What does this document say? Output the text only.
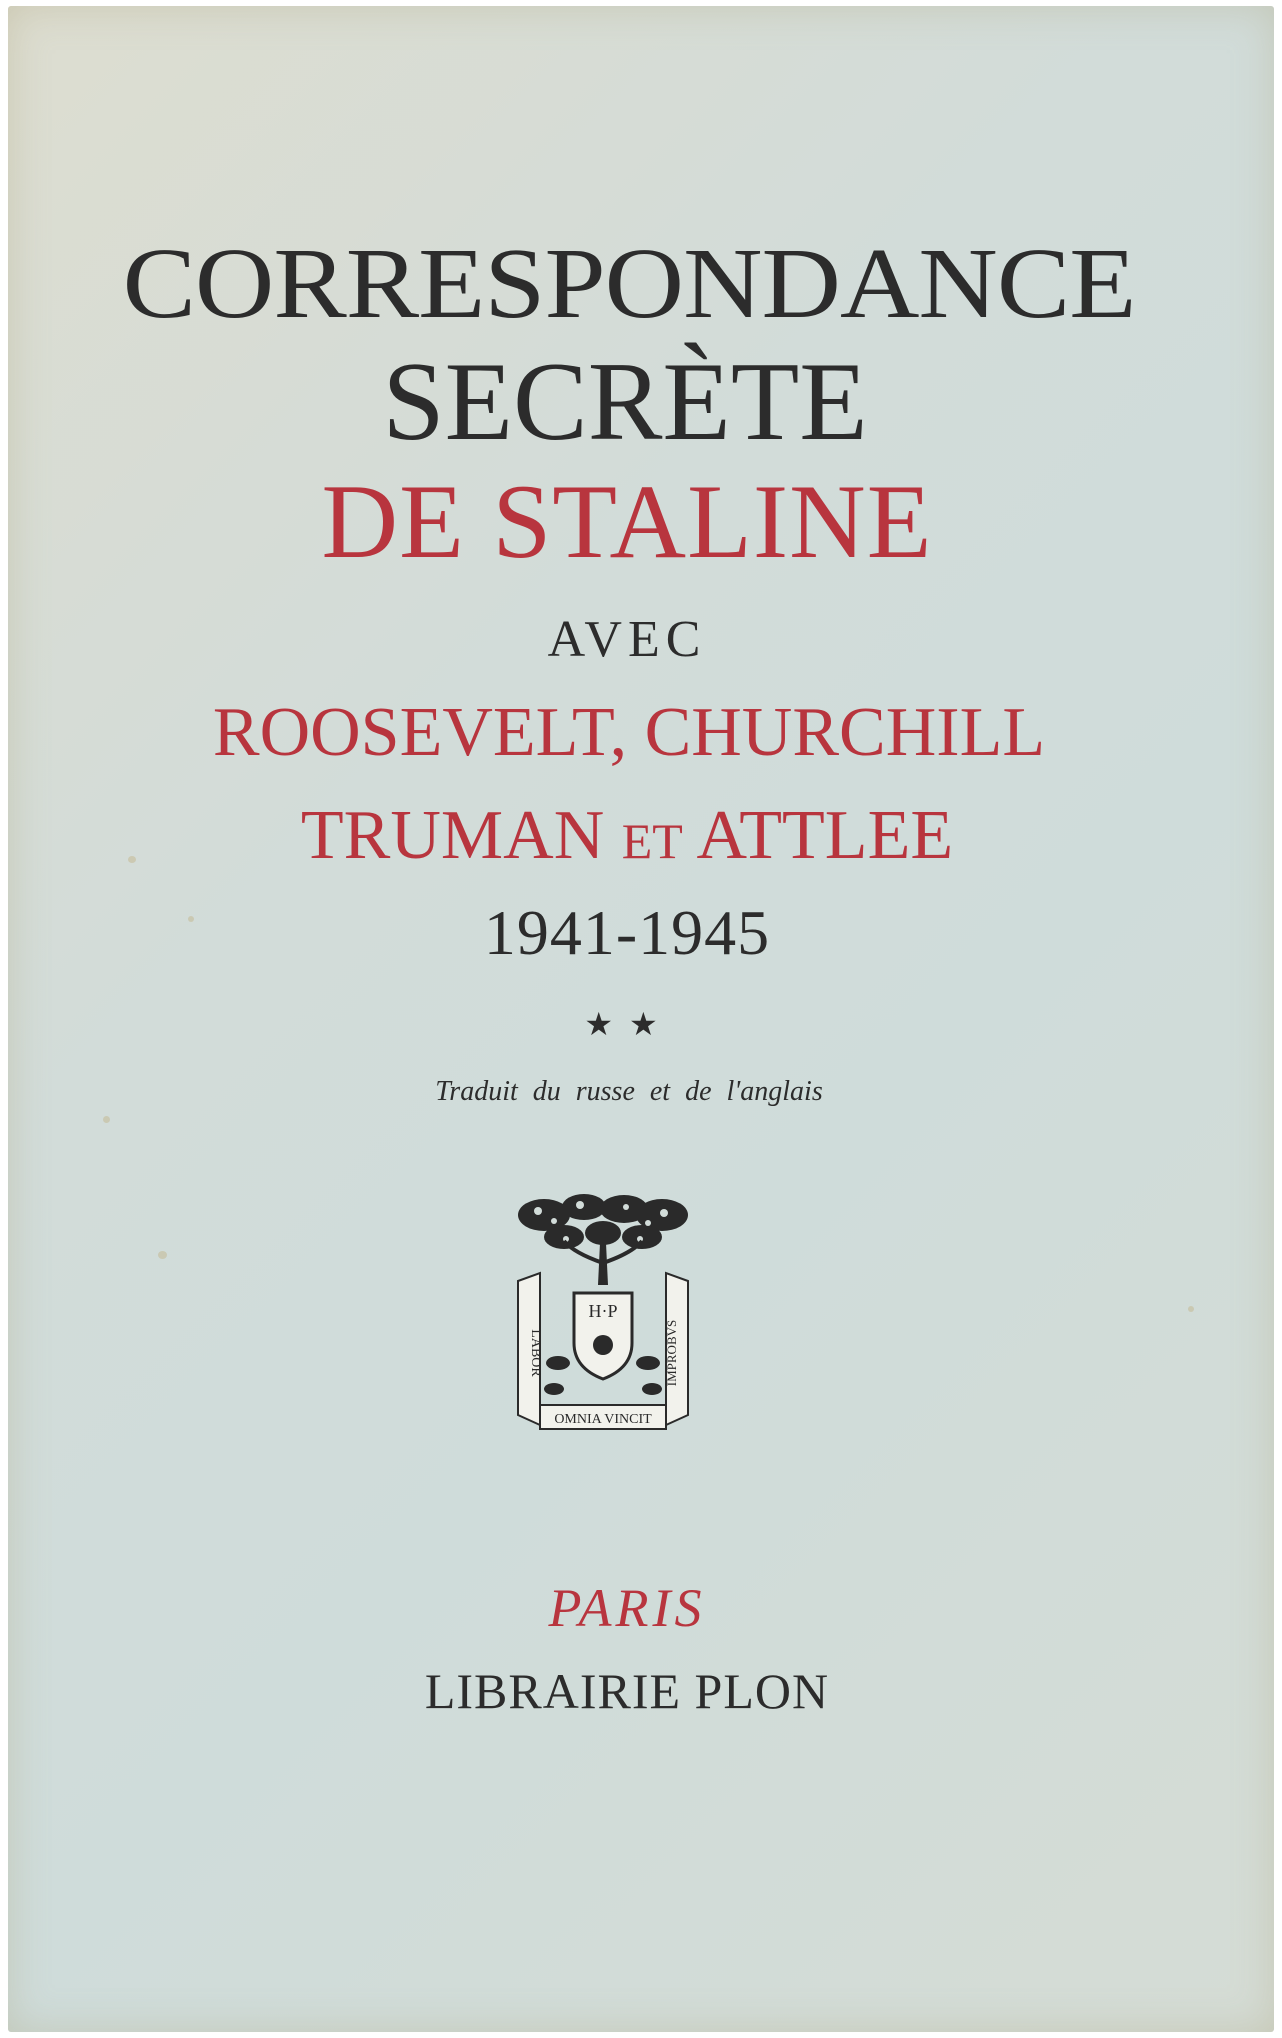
CORRESPONDANCE
SECRÈTE
DE STALINE
AVEC
ROOSEVELT, CHURCHILL
TRUMAN ET ATTLEE
1941-1945
★★
Traduit du russe et de l'anglais
LABOR	IMPROBVS
H·P
OMNIA VINCIT
PARIS
LIBRAIRIE PLON
